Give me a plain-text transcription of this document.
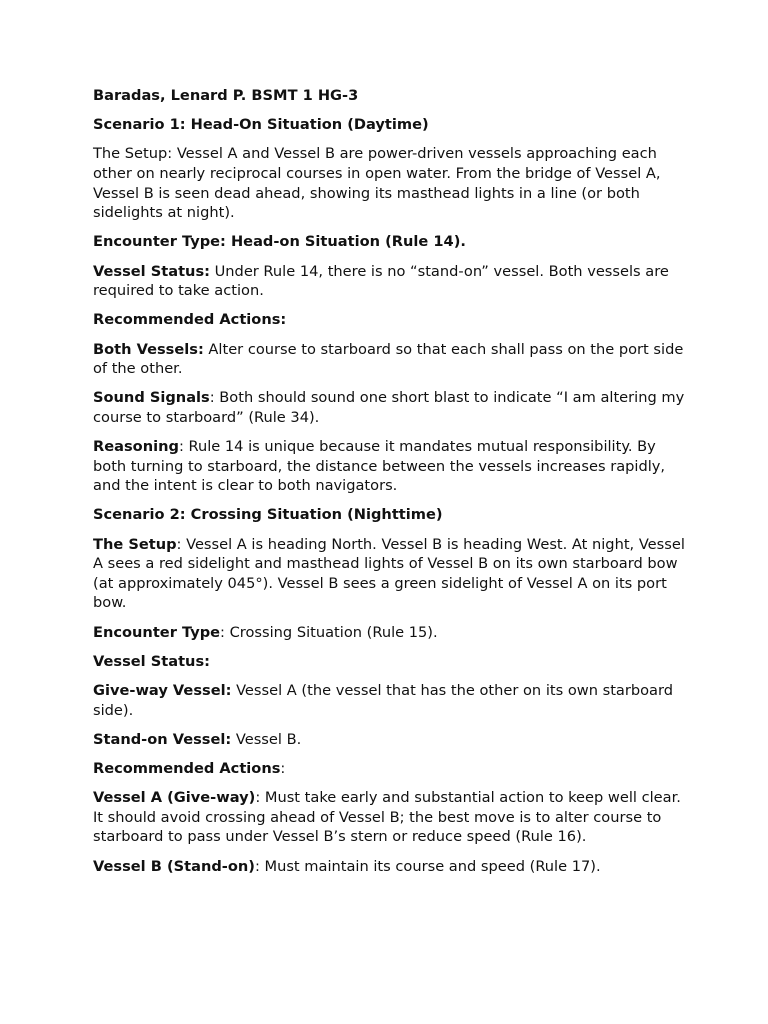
Baradas, Lenard P. BSMT 1 HG-3

Scenario 1: Head-On Situation (Daytime)

The Setup: Vessel A and Vessel B are power-driven vessels approaching each other on nearly reciprocal courses in open water. From the bridge of Vessel A, Vessel B is seen dead ahead, showing its masthead lights in a line (or both sidelights at night).

Encounter Type: Head-on Situation (Rule 14).

Vessel Status: Under Rule 14, there is no “stand-on” vessel. Both vessels are required to take action.

Recommended Actions:

Both Vessels: Alter course to starboard so that each shall pass on the port side of the other.

Sound Signals: Both should sound one short blast to indicate “I am altering my course to starboard” (Rule 34).

Reasoning: Rule 14 is unique because it mandates mutual responsibility. By both turning to starboard, the distance between the vessels increases rapidly, and the intent is clear to both navigators.

Scenario 2: Crossing Situation (Nighttime)

The Setup: Vessel A is heading North. Vessel B is heading West. At night, Vessel A sees a red sidelight and masthead lights of Vessel B on its own starboard bow (at approximately 045°). Vessel B sees a green sidelight of Vessel A on its port bow.

Encounter Type: Crossing Situation (Rule 15).

Vessel Status:

Give-way Vessel: Vessel A (the vessel that has the other on its own starboard side).

Stand-on Vessel: Vessel B.

Recommended Actions:

Vessel A (Give-way): Must take early and substantial action to keep well clear. It should avoid crossing ahead of Vessel B; the best move is to alter course to starboard to pass under Vessel B’s stern or reduce speed (Rule 16).

Vessel B (Stand-on): Must maintain its course and speed (Rule 17).
